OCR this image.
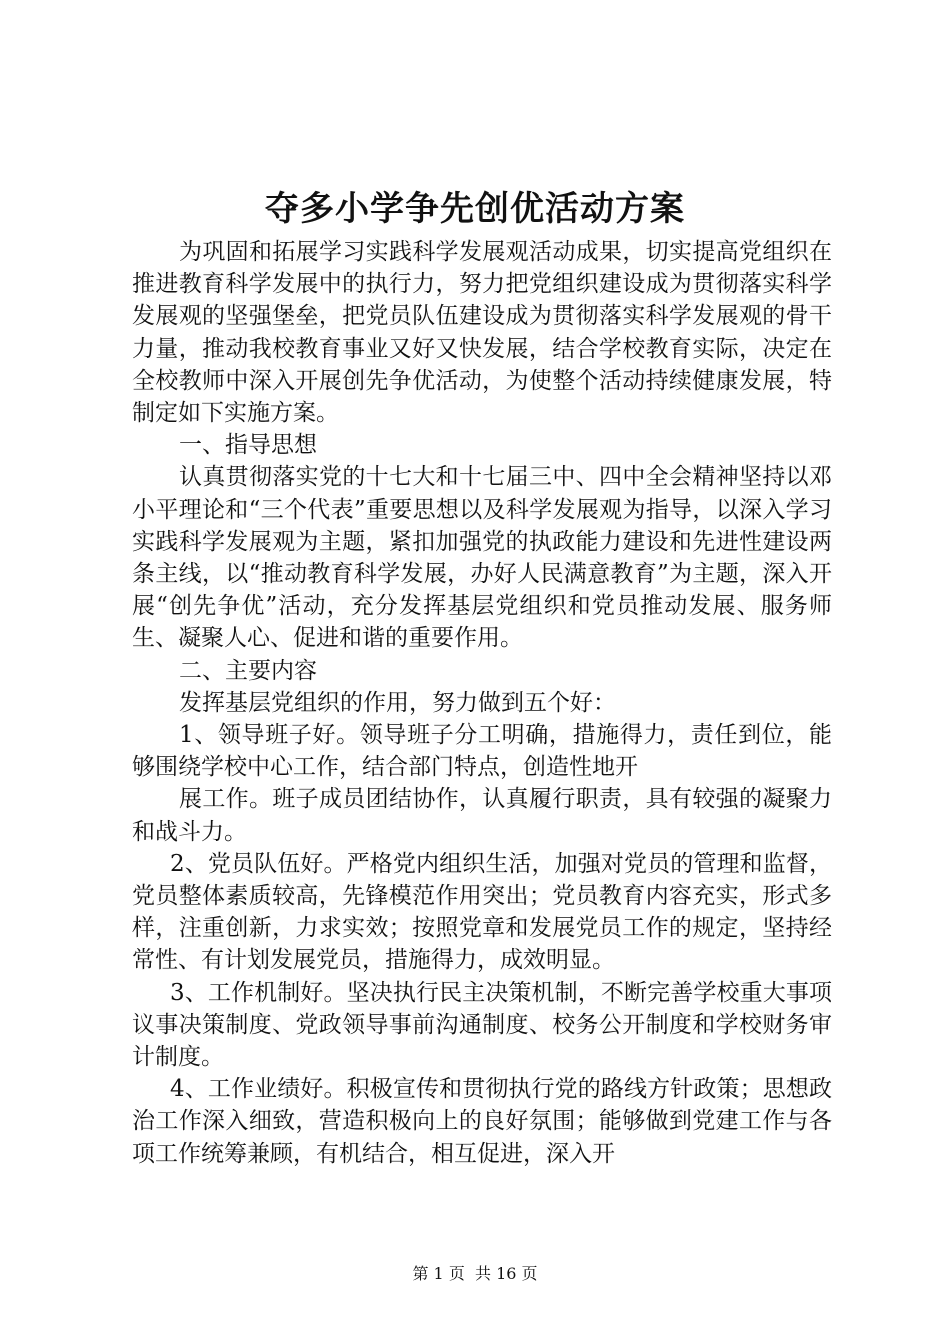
夺多小学争先创优活动方案

为巩固和拓展学习实践科学发展观活动成果，切实提高党组织在推进教育科学发展中的执行力，努力把党组织建设成为贯彻落实科学发展观的坚强堡垒，把党员队伍建设成为贯彻落实科学发展观的骨干力量，推动我校教育事业又好又快发展，结合学校教育实际，决定在全校教师中深入开展创先争优活动，为使整个活动持续健康发展，特制定如下实施方案。

一、指导思想

认真贯彻落实党的十七大和十七届三中、四中全会精神坚持以邓小平理论和“三个代表”重要思想以及科学发展观为指导，以深入学习实践科学发展观为主题，紧扣加强党的执政能力建设和先进性建设两条主线，以“推动教育科学发展，办好人民满意教育”为主题，深入开展“创先争优”活动，充分发挥基层党组织和党员推动发展、服务师生、凝聚人心、促进和谐的重要作用。

二、主要内容

发挥基层党组织的作用，努力做到五个好：

1、领导班子好。领导班子分工明确，措施得力，责任到位，能够围绕学校中心工作，结合部门特点，创造性地开

展工作。班子成员团结协作，认真履行职责，具有较强的凝聚力和战斗力。

2、党员队伍好。严格党内组织生活，加强对党员的管理和监督，党员整体素质较高，先锋模范作用突出；党员教育内容充实，形式多样，注重创新，力求实效；按照党章和发展党员工作的规定，坚持经常性、有计划发展党员，措施得力，成效明显。

3、工作机制好。坚决执行民主决策机制，不断完善学校重大事项议事决策制度、党政领导事前沟通制度、校务公开制度和学校财务审计制度。

4、工作业绩好。积极宣传和贯彻执行党的路线方针政策；思想政治工作深入细致，营造积极向上的良好氛围；能够做到党建工作与各项工作统筹兼顾，有机结合，相互促进，深入开

第 1 页  共 16 页
